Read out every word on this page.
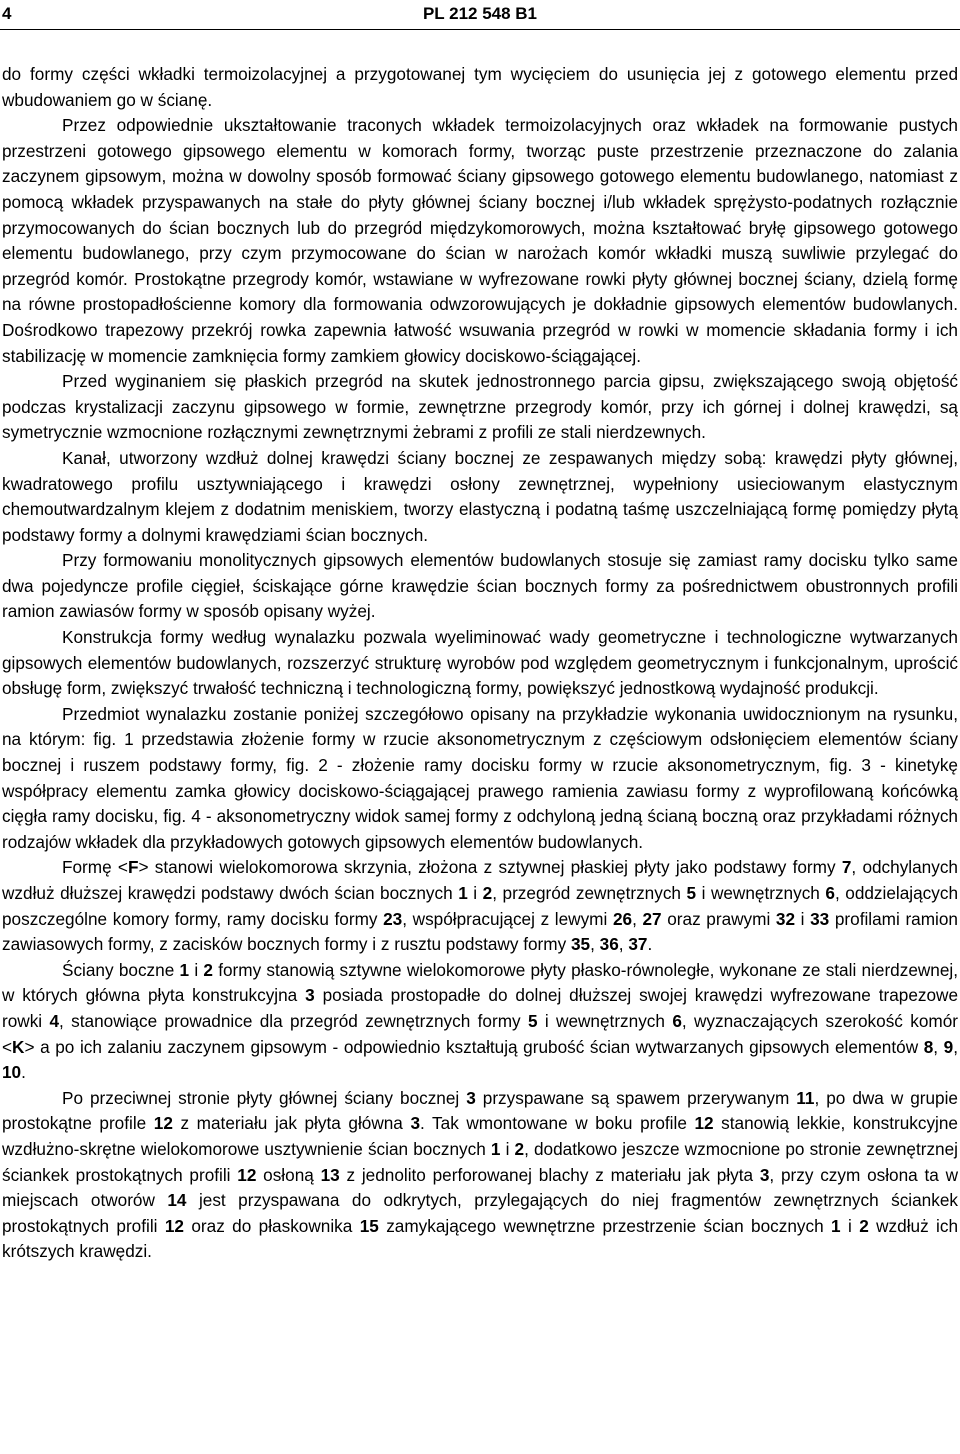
4	PL 212 548 B1

do formy części wkładki termoizolacyjnej a przygotowanej tym wycięciem do usunięcia jej z gotowego elementu przed wbudowaniem go w ścianę.

Przez odpowiednie ukształtowanie traconych wkładek termoizolacyjnych oraz wkładek na formowanie pustych przestrzeni gotowego gipsowego elementu w komorach formy, tworząc puste przestrzenie przeznaczone do zalania zaczynem gipsowym, można w dowolny sposób formować ściany gipsowego gotowego elementu budowlanego, natomiast z pomocą wkładek przyspawanych na stałe do płyty głównej ściany bocznej i/lub wkładek sprężysto-podatnych rozłącznie przymocowanych do ścian bocznych lub do przegród międzykomorowych, można kształtować bryłę gipsowego gotowego elementu budowlanego, przy czym przymocowane do ścian w narożach komór wkładki muszą suwliwie przylegać do przegród komór. Prostokątne przegrody komór, wstawiane w wyfrezowane rowki płyty głównej bocznej ściany, dzielą formę na równe prostopadłościenne komory dla formowania odwzorowujących je dokładnie gipsowych elementów budowlanych. Dośrodkowo trapezowy przekrój rowka zapewnia łatwość wsuwania przegród w rowki w momencie składania formy i ich stabilizację w momencie zamknięcia formy zamkiem głowicy dociskowo-ściągającej.

Przed wyginaniem się płaskich przegród na skutek jednostronnego parcia gipsu, zwiększającego swoją objętość podczas krystalizacji zaczynu gipsowego w formie, zewnętrzne przegrody komór, przy ich górnej i dolnej krawędzi, są symetrycznie wzmocnione rozłącznymi zewnętrznymi żebrami z profili ze stali nierdzewnych.

Kanał, utworzony wzdłuż dolnej krawędzi ściany bocznej ze zespawanych między sobą: krawędzi płyty głównej, kwadratowego profilu usztywniającego i krawędzi osłony zewnętrznej, wypełniony usieciowanym elastycznym chemoutwardzalnym klejem z dodatnim meniskiem, tworzy elastyczną i podatną taśmę uszczelniającą formę pomiędzy płytą podstawy formy a dolnymi krawędziami ścian bocznych.

Przy formowaniu monolitycznych gipsowych elementów budowlanych stosuje się zamiast ramy docisku tylko same dwa pojedyncze profile cięgieł, ściskające górne krawędzie ścian bocznych formy za pośrednictwem obustronnych profili ramion zawiasów formy w sposób opisany wyżej.

Konstrukcja formy według wynalazku pozwala wyeliminować wady geometryczne i technologiczne wytwarzanych gipsowych elementów budowlanych, rozszerzyć strukturę wyrobów pod względem geometrycznym i funkcjonalnym, uprościć obsługę form, zwiększyć trwałość techniczną i technologiczną formy, powiększyć jednostkową wydajność produkcji.

Przedmiot wynalazku zostanie poniżej szczegółowo opisany na przykładzie wykonania uwidocznionym na rysunku, na którym: fig. 1 przedstawia złożenie formy w rzucie aksonometrycznym z częściowym odsłonięciem elementów ściany bocznej i ruszem podstawy formy, fig. 2 - złożenie ramy docisku formy w rzucie aksonometrycznym, fig. 3 - kinetykę współpracy elementu zamka głowicy dociskowo-ściągającej prawego ramienia zawiasu formy z wyprofilowaną końcówką cięgła ramy docisku, fig. 4 - aksonometryczny widok samej formy z odchyloną jedną ścianą boczną oraz przykładami różnych rodzajów wkładek dla przykładowych gotowych gipsowych elementów budowlanych.

Formę <F> stanowi wielokomorowa skrzynia, złożona z sztywnej płaskiej płyty jako podstawy formy 7, odchylanych wzdłuż dłuższej krawędzi podstawy dwóch ścian bocznych 1 i 2, przegród zewnętrznych 5 i wewnętrznych 6, oddzielających poszczególne komory formy, ramy docisku formy 23, współpracującej z lewymi 26, 27 oraz prawymi 32 i 33 profilami ramion zawiasowych formy, z zacisków bocznych formy i z rusztu podstawy formy 35, 36, 37.

Ściany boczne 1 i 2 formy stanowią sztywne wielokomorowe płyty płasko-równoległe, wykonane ze stali nierdzewnej, w których główna płyta konstrukcyjna 3 posiada prostopadłe do dolnej dłuższej swojej krawędzi wyfrezowane trapezowe rowki 4, stanowiące prowadnice dla przegród zewnętrznych formy 5 i wewnętrznych 6, wyznaczających szerokość komór <K> a po ich zalaniu zaczynem gipsowym - odpowiednio kształtują grubość ścian wytwarzanych gipsowych elementów 8, 9, 10.

Po przeciwnej stronie płyty głównej ściany bocznej 3 przyspawane są spawem przerywanym 11, po dwa w grupie prostokątne profile 12 z materiału jak płyta główna 3. Tak wmontowane w boku profile 12 stanowią lekkie, konstrukcyjne wzdłużno-skrętne wielokomorowe usztywnienie ścian bocznych 1 i 2, dodatkowo jeszcze wzmocnione po stronie zewnętrznej ściankek prostokątnych profili 12 osłoną 13 z jednolito perforowanej blachy z materiału jak płyta 3, przy czym osłona ta w miejscach otworów 14 jest przyspawana do odkrytych, przylegających do niej fragmentów zewnętrznych ściankek prostokątnych profili 12 oraz do płaskownika 15 zamykającego wewnętrzne przestrzenie ścian bocznych 1 i 2 wzdłuż ich krótszych krawędzi.
